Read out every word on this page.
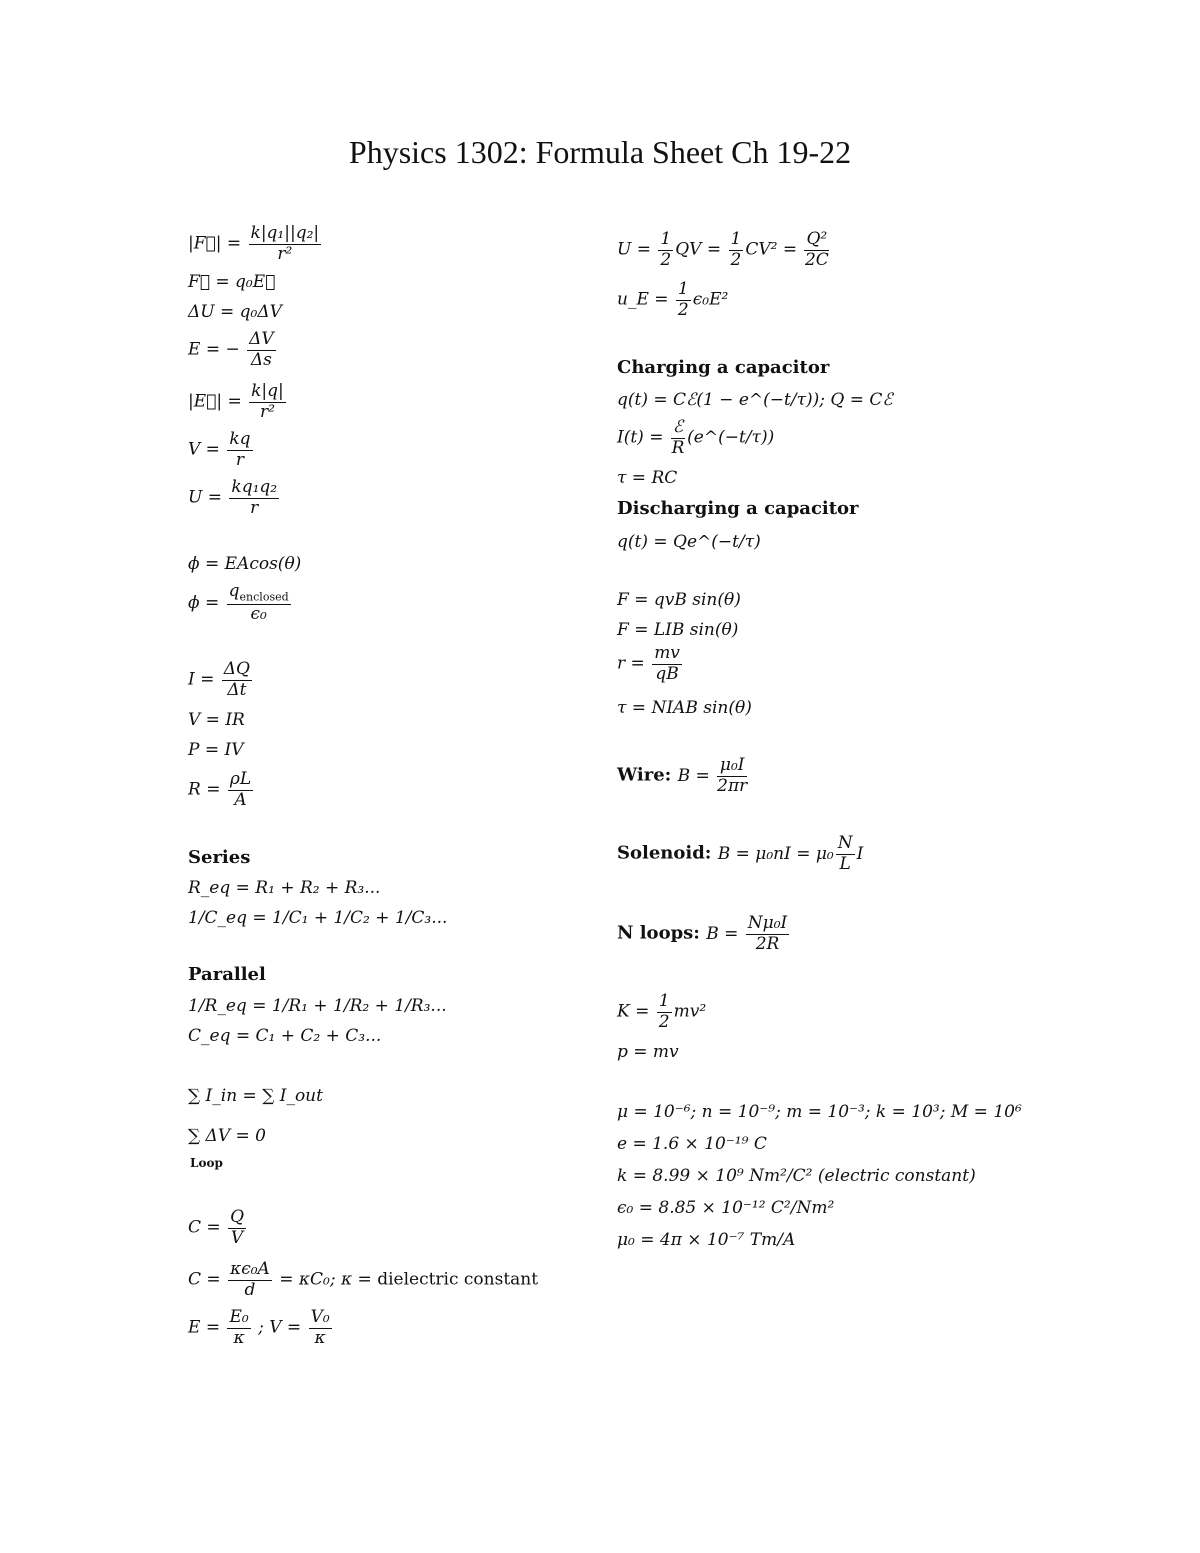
Physics 1302: Formula Sheet Ch 19-22
|F⃗| = $\frac{\text{k|q₁||q₂|}}{\text{r²}}$
F⃗ = q₀E⃗
ΔU = q₀ΔV
E = − $\frac{\Delta V}{\Delta s}$
|E⃗| = $\frac{k|q|}{\text{r²}}$
$V = \frac{kq}{r}$
$U = \frac{\text{kq₁q₂}}{r}$
ϕ = EAcos(θ)
ϕ =
$q_{enclosed}$
ϵ₀
$I = \frac{\Delta Q}{\Delta t}$
V = IR
P = IV
$R = \frac{\rho L}{A}$
Series
R_eq = R₁ + R₂ + R₃...
1/C_eq = 1/C₁ + 1/C₂ + 1/C₃...
Parallel
1/R_eq = 1/R₁ + 1/R₂ + 1/R₃...
C_eq = C₁ + C₂ + C₃...
∑ I_in = ∑ I_out
∑ ΔV = 0
Loop
$C = \frac{Q}{V}$
$C = \frac{\text{κϵ₀A}}{d} = \kappa C_0$; κ = dielectric constant
$E = \frac{\text{E₀}}{\kappa}$ ; $V = \frac{\text{V₀}}{\kappa}$
$U = \frac{1}{2}$ QV = $\frac{1}{2} CV^2 = \frac{\text{Q²}}{2C}$
u_E = $\frac{1}{2} \epsilon_0E^2$
Charging a capacitor
q(t) = Cℰ(1 − e^(−t/τ)); Q = Cℰ
I(t) =
ℰ
R (e^(−t/τ))
τ = RC
Discharging a capacitor
q(t) = Qe^(−t/τ)
F = qvB sin(θ)
F = LIB sin(θ)
$r = \frac{mv}{qB}$
τ = NIAB sin(θ)
Wire: $B = \frac{\text{μ₀I}}{2\pi r}$
Solenoid: $B = \mu_0nI = \mu_0 \frac{N}{L}$ I
N loops: $B = \frac{\text{Nμ₀I}}{2R}$
$K = \frac{1}{2} mv^2$
p = mv
μ = 10⁻⁶; n = 10⁻⁹; m = 10⁻³; k = 10³; M = 10⁶
e = 1.6 × 10⁻¹⁹ C
k = 8.99 × 10⁹ Nm²/C² (electric constant)
ϵ₀ = 8.85 × 10⁻¹² C²/Nm²
μ₀ = 4π × 10⁻⁷ Tm/A
